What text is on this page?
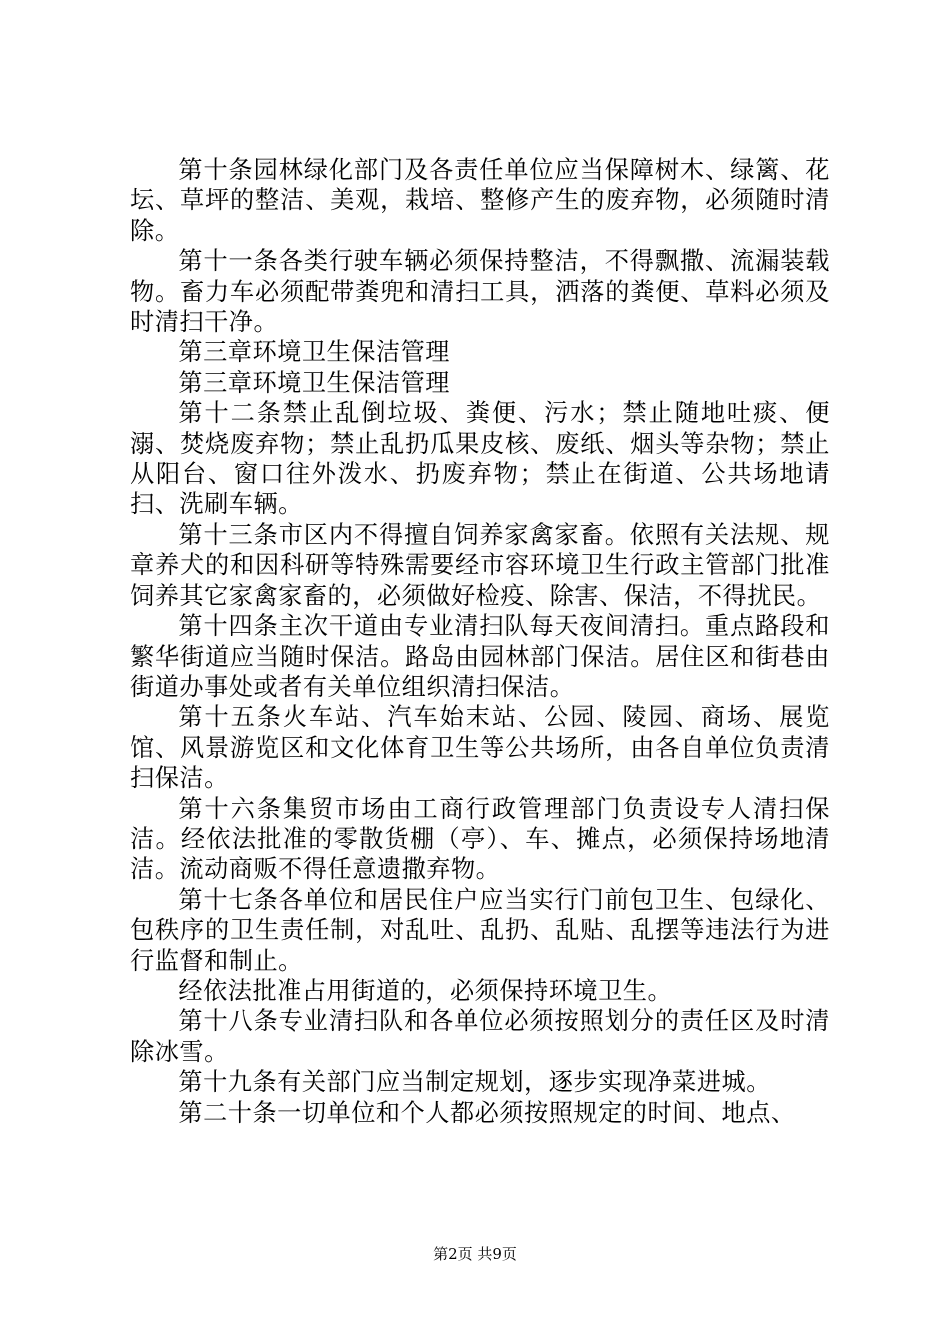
第十条园林绿化部门及各责任单位应当保障树木、绿篱、花坛、草坪的整洁、美观，栽培、整修产生的废弃物，必须随时清除。

第十一条各类行驶车辆必须保持整洁，不得飘撒、流漏装载物。畜力车必须配带粪兜和清扫工具，洒落的粪便、草料必须及时清扫干净。

第三章环境卫生保洁管理

第三章环境卫生保洁管理

第十二条禁止乱倒垃圾、粪便、污水；禁止随地吐痰、便溺、焚烧废弃物；禁止乱扔瓜果皮核、废纸、烟头等杂物；禁止从阳台、窗口往外泼水、扔废弃物；禁止在街道、公共场地请扫、洗刷车辆。

第十三条市区内不得擅自饲养家禽家畜。依照有关法规、规章养犬的和因科研等特殊需要经市容环境卫生行政主管部门批准饲养其它家禽家畜的，必须做好检疫、除害、保洁，不得扰民。

第十四条主次干道由专业清扫队每天夜间清扫。重点路段和繁华街道应当随时保洁。路岛由园林部门保洁。居住区和街巷由街道办事处或者有关单位组织清扫保洁。

第十五条火车站、汽车始末站、公园、陵园、商场、展览馆、风景游览区和文化体育卫生等公共场所，由各自单位负责清扫保洁。

第十六条集贸市场由工商行政管理部门负责设专人清扫保洁。经依法批准的零散货棚（亭）、车、摊点，必须保持场地清洁。流动商贩不得任意遗撒弃物。

第十七条各单位和居民住户应当实行门前包卫生、包绿化、包秩序的卫生责任制，对乱吐、乱扔、乱贴、乱摆等违法行为进行监督和制止。

经依法批准占用街道的，必须保持环境卫生。

第十八条专业清扫队和各单位必须按照划分的责任区及时清除冰雪。

第十九条有关部门应当制定规划，逐步实现净菜进城。

第二十条一切单位和个人都必须按照规定的时间、地点、

第2页 共9页
